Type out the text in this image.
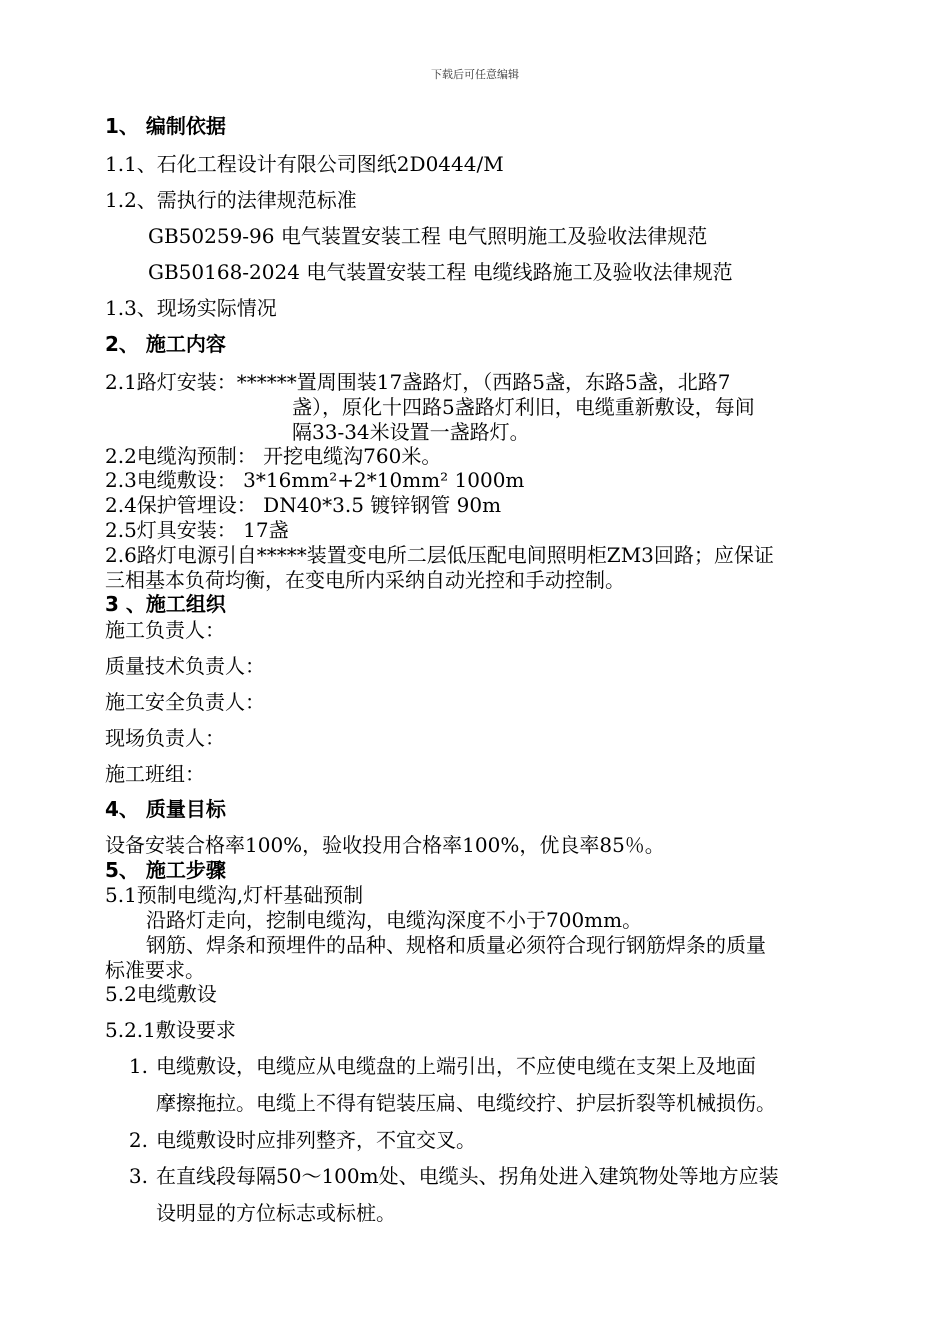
下载后可任意编辑
1、 编制依据
1.1、石化工程设计有限公司图纸2D0444/M
1.2、需执行的法律规范标准
GB50259-96 电气装置安装工程 电气照明施工及验收法律规范
GB50168-2024 电气装置安装工程 电缆线路施工及验收法律规范
1.3、现场实际情况
2、 施工内容
2.1路灯安装：******置周围装17盏路灯，（西路5盏，东路5盏，北路7
盏），原化十四路5盏路灯利旧，电缆重新敷设，每间
隔33-34米设置一盏路灯。
2.2电缆沟预制： 开挖电缆沟760米。
2.3电缆敷设： 3*16mm²+2*10mm² 1000m
2.4保护管埋设： DN40*3.5 镀锌钢管 90m
2.5灯具安装： 17盏
2.6路灯电源引自*****装置变电所二层低压配电间照明柜ZM3回路；应保证
三相基本负荷均衡，在变电所内采纳自动光控和手动控制。
3 、施工组织
施工负责人：
质量技术负责人：
施工安全负责人：
现场负责人：
施工班组：
4、 质量目标
设备安装合格率100%，验收投用合格率100%，优良率85％。
5、 施工步骤
5.1预制电缆沟,灯杆基础预制
沿路灯走向，挖制电缆沟，电缆沟深度不小于700mm。
钢筋、焊条和预埋件的品种、规格和质量必须符合现行钢筋焊条的质量
标准要求。
5.2电缆敷设
5.2.1敷设要求
1. 电缆敷设，电缆应从电缆盘的上端引出，不应使电缆在支架上及地面
摩擦拖拉。电缆上不得有铠装压扁、电缆绞拧、护层折裂等机械损伤。
2. 电缆敷设时应排列整齐，不宜交叉。
3. 在直线段每隔50～100m处、电缆头、拐角处进入建筑物处等地方应装
设明显的方位标志或标桩。
